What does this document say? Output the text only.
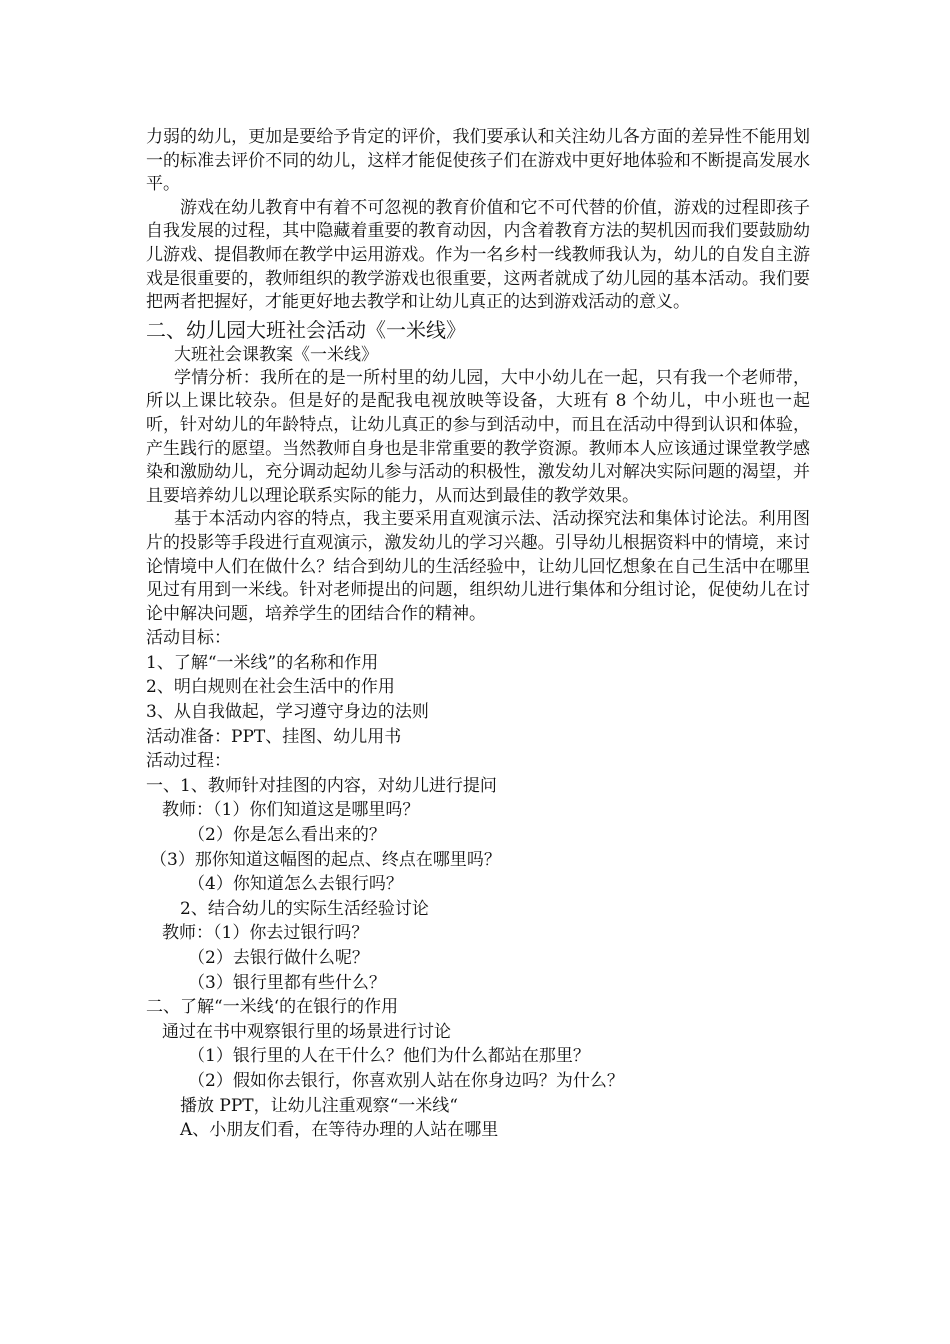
力弱的幼儿，更加是要给予肯定的评价，我们要承认和关注幼儿各方面的差异性不能用划一的标准去评价不同的幼儿，这样才能促使孩子们在游戏中更好地体验和不断提高发展水平。

游戏在幼儿教育中有着不可忽视的教育价值和它不可代替的价值，游戏的过程即孩子自我发展的过程，其中隐藏着重要的教育动因，内含着教育方法的契机因而我们要鼓励幼儿游戏、提倡教师在教学中运用游戏。作为一名乡村一线教师我认为，幼儿的自发自主游戏是很重要的，教师组织的教学游戏也很重要，这两者就成了幼儿园的基本活动。我们要把两者把握好，才能更好地去教学和让幼儿真正的达到游戏活动的意义。

二、幼儿园大班社会活动《一米线》
大班社会课教案《一米线》

学情分析：我所在的是一所村里的幼儿园，大中小幼儿在一起，只有我一个老师带，所以上课比较杂。但是好的是配我电视放映等设备，大班有 8 个幼儿，中小班也一起听，针对幼儿的年龄特点，让幼儿真正的参与到活动中，而且在活动中得到认识和体验，产生践行的愿望。当然教师自身也是非常重要的教学资源。教师本人应该通过课堂教学感染和激励幼儿，充分调动起幼儿参与活动的积极性，激发幼儿对解决实际问题的渴望，并且要培养幼儿以理论联系实际的能力，从而达到最佳的教学效果。

基于本活动内容的特点，我主要采用直观演示法、活动探究法和集体讨论法。利用图片的投影等手段进行直观演示，激发幼儿的学习兴趣。引导幼儿根据资料中的情境，来讨论情境中人们在做什么？结合到幼儿的生活经验中，让幼儿回忆想象在自己生活中在哪里见过有用到一米线。针对老师提出的问题，组织幼儿进行集体和分组讨论，促使幼儿在讨论中解决问题，培养学生的团结合作的精神。

活动目标：
1、了解“一米线”的名称和作用
2、明白规则在社会生活中的作用
3、从自我做起，学习遵守身边的法则
活动准备：PPT、挂图、幼儿用书
活动过程：
一、1、教师针对挂图的内容，对幼儿进行提问
教师：（1）你们知道这是哪里吗？
（2）你是怎么看出来的？
（3）那你知道这幅图的起点、终点在哪里吗？
（4）你知道怎么去银行吗？
2、结合幼儿的实际生活经验讨论
教师：（1）你去过银行吗？
（2）去银行做什么呢？
（3）银行里都有些什么？
二、了解“一米线‘的在银行的作用
通过在书中观察银行里的场景进行讨论
（1）银行里的人在干什么？他们为什么都站在那里？
（2）假如你去银行，你喜欢别人站在你身边吗？为什么？
播放 PPT，让幼儿注重观察“一米线“
A、小朋友们看，在等待办理的人站在哪里
